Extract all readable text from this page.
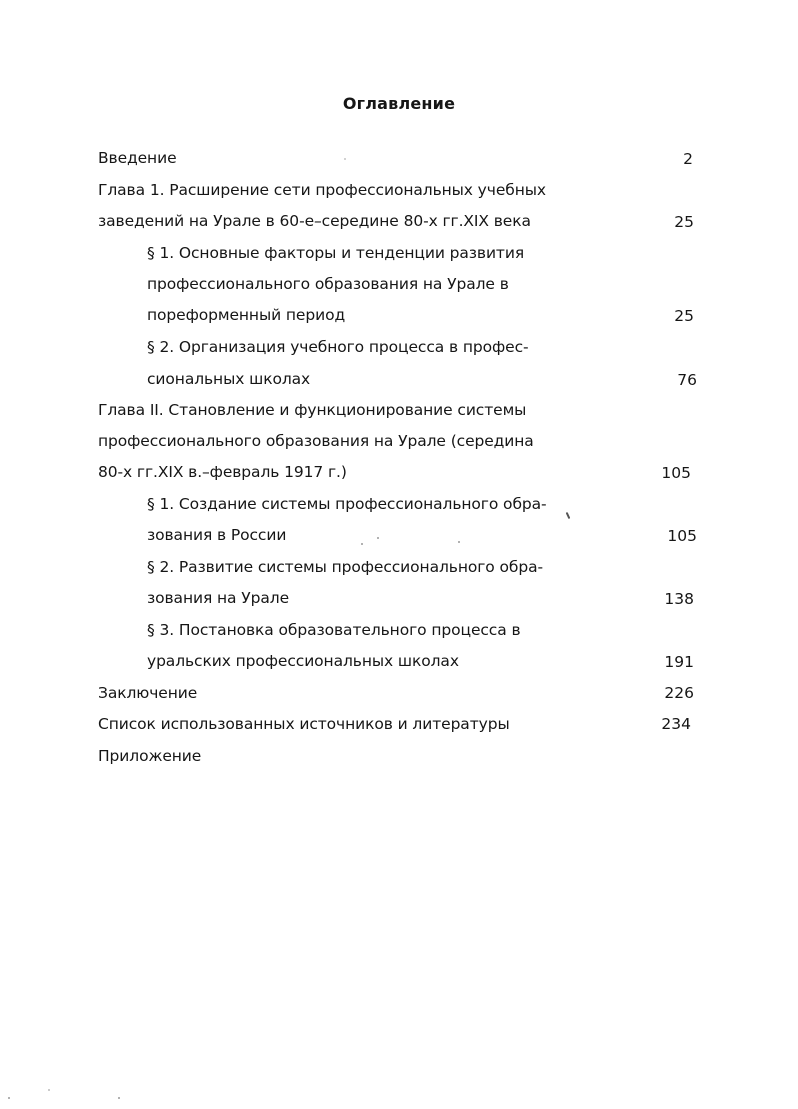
Оглавление
Введение	2
Глава 1. Расширение сети профессиональных учебных
заведений на Урале в 60-е–середине 80-х гг.XIX века	25
§ 1. Основные факторы и тенденции развития
профессионального образования на Урале в
пореформенный период	25
§ 2. Организация учебного процесса в профес-
сиональных школах	76
Глава II. Становление и функционирование системы
профессионального образования на Урале (середина
80-х гг.XIX в.–февраль 1917 г.)	105
§ 1. Создание системы профессионального обра-
зования в России	105
§ 2. Развитие системы профессионального обра-
зования на Урале	138
§ 3. Постановка образовательного процесса в
уральских профессиональных школах	191
Заключение	226
Список использованных источников и литературы	234
Приложение
